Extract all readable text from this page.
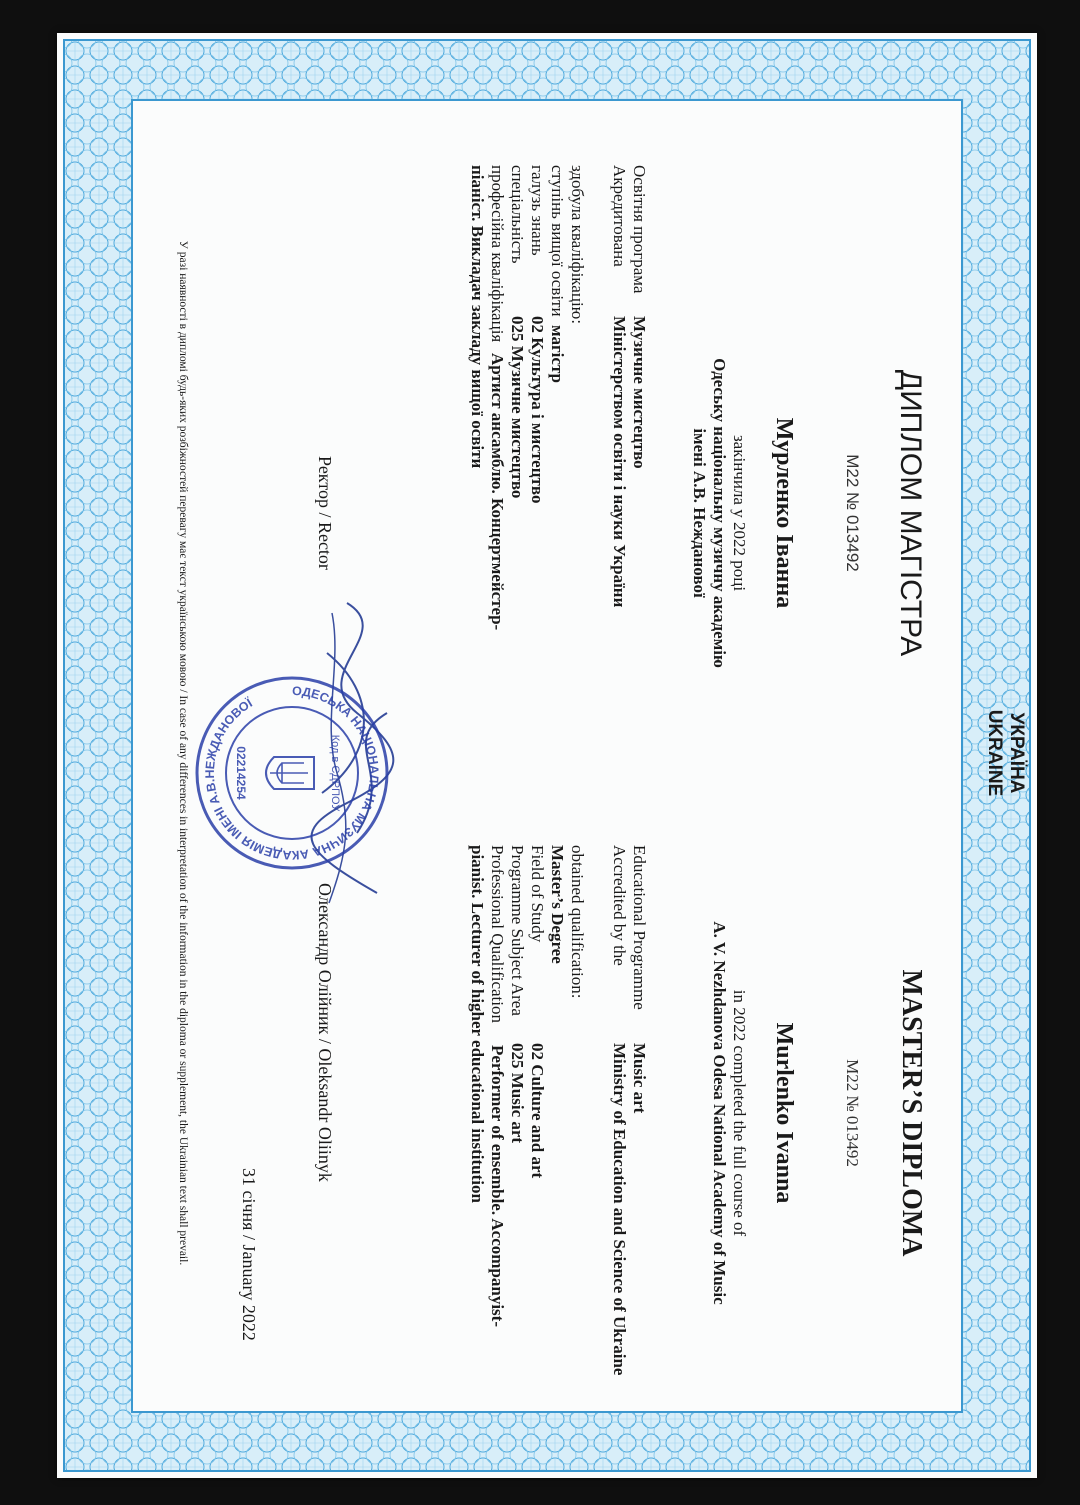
УКРАЇНА
UKRAINE
ДИПЛОМ МАГІСТРА
М22 № 013492
Мурленко Іванна
закінчила у 2022 році
Одеську національну музичну академію
імені А.В. Нежданової
Освітня програма
Музичне мистецтво
Акредитована
Міністерством освіти і науки України
здобула кваліфікацію:
ступінь вищої освіти
магістр
галузь знань
02 Культура і мистецтво
спеціальність
025 Музичне мистецтво
професійна кваліфікація
Артист ансамблю. Концертмейстер-
піаніст. Викладач закладу вищої освіти
Ректор / Rector
MASTER’S DIPLOMA
М22 № 013492
Murlenko Ivanna
in 2022 completed the full course of
A. V. Nezhdanova Odesa National Academy of Music
Educational Programme
Music art
Accredited by the
Ministry of Education and Science of Ukraine
obtained qualification:
Master’s Degree
Field of Study
02 Culture and art
Programme Subject Area
025 Music art
Professional Qualification
Performer of ensemble. Accompanyist-
pianist. Lecturer of higher educational institution
Олександр Олійник / Oleksandr Oliinyk
31 січня / January 2022
ОДЕСЬКА НАЦІОНАЛЬНА МУЗИЧНА АКАДЕМІЯ ІМЕНІ А.В.НЕЖДАНОВОЇ
Код в ЄДРПОУ
02214254
У разі наявності в дипломі будь-яких розбіжностей перевагу має текст українською мовою / In case of any differences in interpretation of the information in the diploma or supplement, the Ukrainian text shall prevail.
